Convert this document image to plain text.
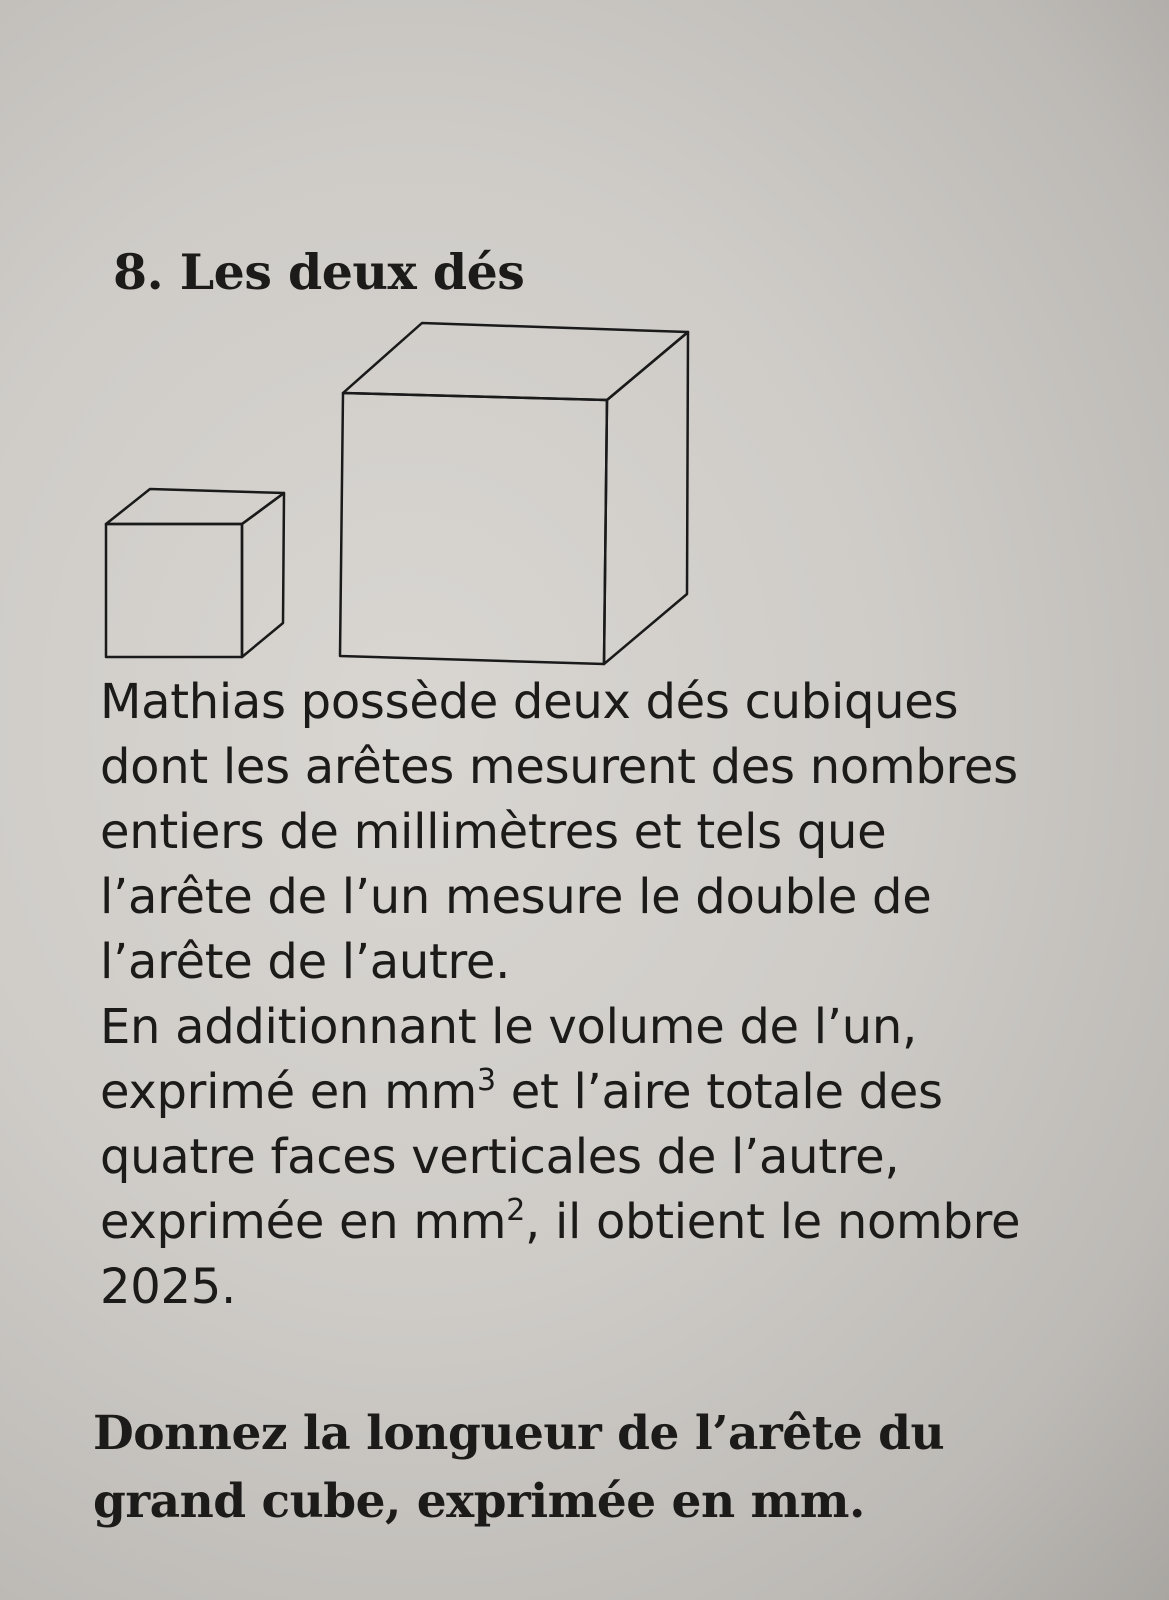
8. Les deux dés

Mathias possède deux dés cubiques
dont les arêtes mesurent des nombres
entiers de millimètres et tels que
l’arête de l’un mesure le double de
l’arête de l’autre.
En additionnant le volume de l’un,
exprimé en $mm^3$ et l’aire totale des
quatre faces verticales de l’autre,
exprimée en $mm^2$, il obtient le nombre
2025.

Donnez la longueur de l’arête du
grand cube, exprimée en mm.
